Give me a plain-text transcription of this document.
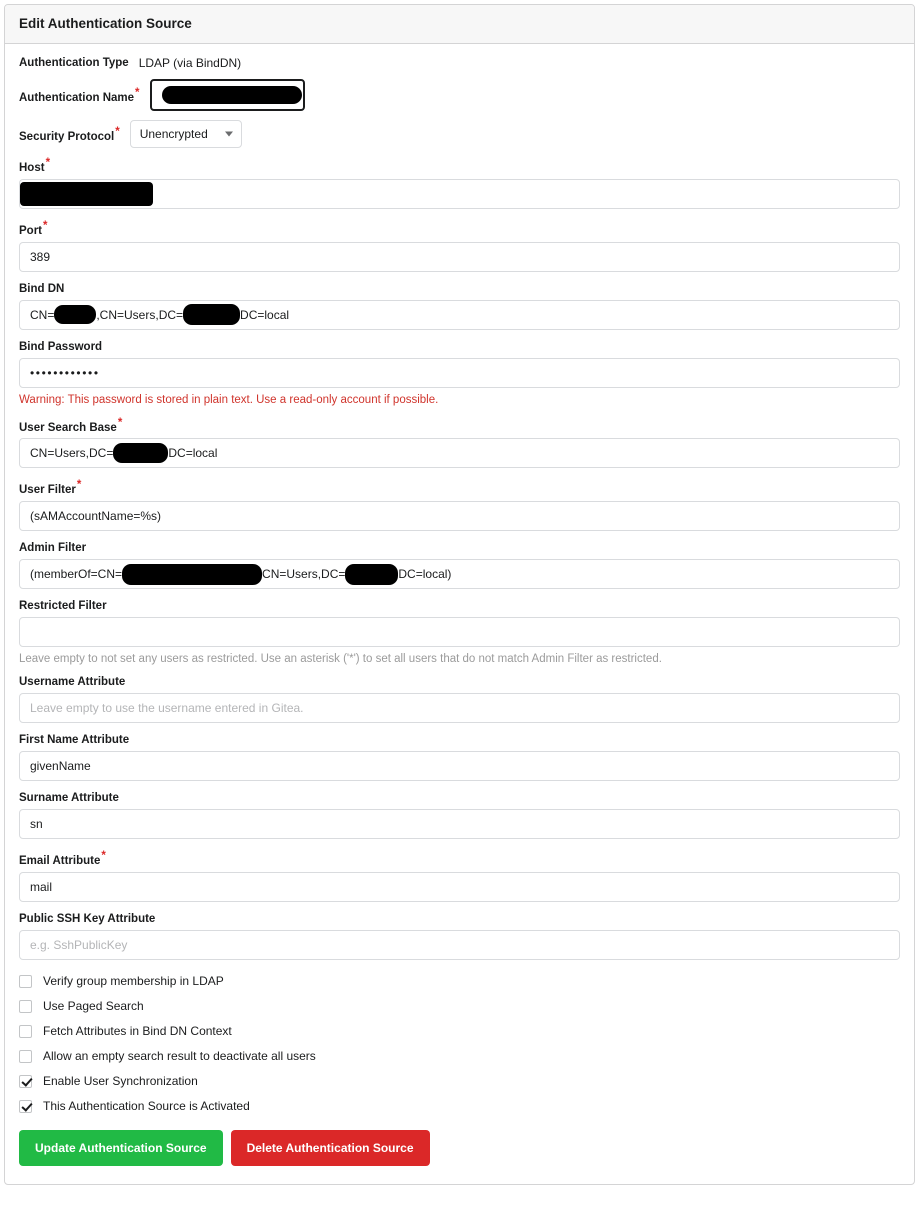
Edit Authentication Source
Authentication Type LDAP (via BindDN)
Authentication Name*
Security Protocol* Unencrypted
Host*
Port*
389
Bind DN
CN=	,CN=Users,DC=	DC=local
Bind Password
••••••••••••
Warning: This password is stored in plain text. Use a read-only account if possible.
User Search Base*
CN=Users,DC=	DC=local
User Filter*
(sAMAccountName=%s)
Admin Filter
(memberOf=CN=	CN=Users,DC=	DC=local)
Restricted Filter
Leave empty to not set any users as restricted. Use an asterisk ('*') to set all users that do not match Admin Filter as restricted.
Username Attribute
Leave empty to use the username entered in Gitea.
First Name Attribute
givenName
Surname Attribute
sn
Email Attribute*
mail
Public SSH Key Attribute
e.g. SshPublicKey
Verify group membership in LDAP
Use Paged Search
Fetch Attributes in Bind DN Context
Allow an empty search result to deactivate all users
Enable User Synchronization
This Authentication Source is Activated
Update Authentication Source	Delete Authentication Source
